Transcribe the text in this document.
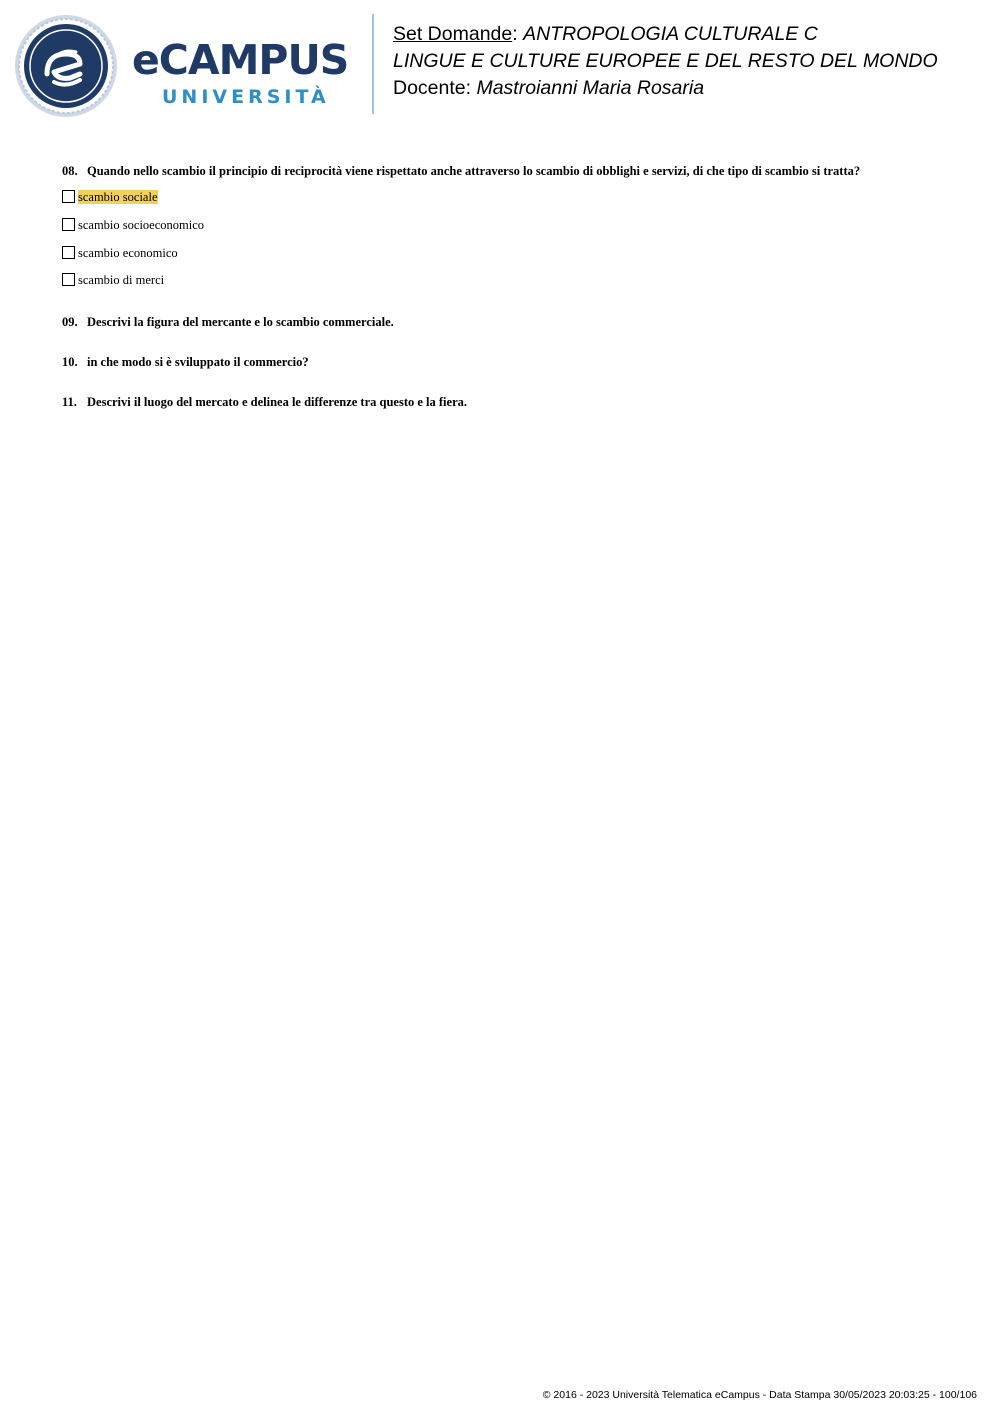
eCAMPUS
UNIVERSITÀ
Set Domande: ANTROPOLOGIA CULTURALE C
LINGUE E CULTURE EUROPEE E DEL RESTO DEL MONDO
Docente: Mastroianni Maria Rosaria
08. Quando nello scambio il principio di reciprocità viene rispettato anche attraverso lo scambio di obblighi e servizi, di che tipo di scambio si tratta?
scambio sociale
scambio socioeconomico
scambio economico
scambio di merci
09. Descrivi la figura del mercante e lo scambio commerciale.
10. in che modo si è sviluppato il commercio?
11. Descrivi il luogo del mercato e delinea le differenze tra questo e la fiera.
© 2016 - 2023 Università Telematica eCampus - Data Stampa 30/05/2023 20:03:25 - 100/106
